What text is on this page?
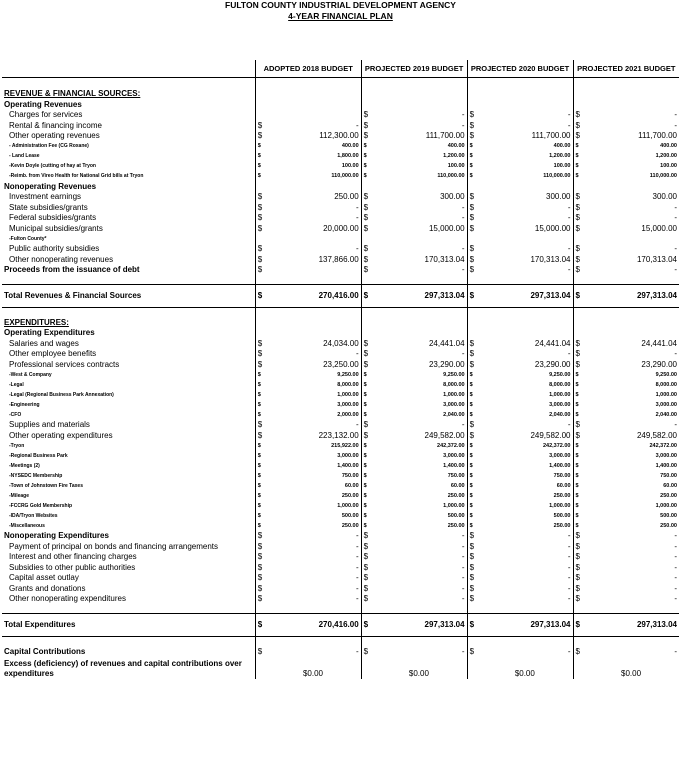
FULTON COUNTY INDUSTRIAL DEVELOPMENT AGENCY
4-YEAR FINANCIAL PLAN
	ADOPTED 2018 BUDGET		PROJECTED 2019 BUDGET		PROJECTED 2020 BUDGET		PROJECTED 2021 BUDGET	

REVENUE & FINANCIAL SOURCES:								
Operating Revenues								
Charges for services			$	-	$	-	$	-
Rental & financing income	$	-	$	-	$	-	$	-
Other operating revenues	$	112,300.00	$	111,700.00	$	111,700.00	$	111,700.00
- Administration Fee (CG Roxane)	$	400.00	$	400.00	$	400.00	$	400.00
- Land Lease	$	1,800.00	$	1,200.00	$	1,200.00	$	1,200.00
-Kevin Doyle (cutting of hay at Tryon	$	100.00	$	100.00	$	100.00	$	100.00
-Reimb. from Vireo Health for National Grid bills at Tryon	$	110,000.00	$	110,000.00	$	110,000.00	$	110,000.00
Nonoperating Revenues								
Investment earnings	$	250.00	$	300.00	$	300.00	$	300.00
State subsidies/grants	$	-	$	-	$	-	$	-
Federal subsidies/grants	$	-	$	-	$	-	$	-
Municipal subsidies/grants	$	20,000.00	$	15,000.00	$	15,000.00	$	15,000.00
-Fulton County*								
Public authority subsidies	$	-	$	-	$	-	$	-
Other nonoperating revenues	$	137,866.00	$	170,313.04	$	170,313.04	$	170,313.04
Proceeds from the issuance of debt	$		$	-	$	-	$	-

Total Revenues & Financial Sources	$	270,416.00	$	297,313.04	$	297,313.04	$	297,313.04

EXPENDITURES:								
Operating Expenditures								
Salaries and wages	$	24,034.00	$	24,441.04	$	24,441.04	$	24,441.04
Other employee benefits	$	-	$	-	$	-	$	-
Professional services contracts	$	23,250.00	$	23,290.00	$	23,290.00	$	23,290.00
-West & Company	$	9,250.00	$	9,250.00	$	9,250.00	$	9,250.00
-Legal	$	8,000.00	$	8,000.00	$	8,000.00	$	8,000.00
-Legal (Regional Business Park Annexation)	$	1,000.00	$	1,000.00	$	1,000.00	$	1,000.00
-Engineering	$	3,000.00	$	3,000.00	$	3,000.00	$	3,000.00
-CFO	$	2,000.00	$	2,040.00	$	2,040.00	$	2,040.00
Supplies and materials	$	-	$	-	$	-	$	-
Other operating expenditures	$	223,132.00	$	249,582.00	$	249,582.00	$	249,582.00
-Tryon	$	215,922.00	$	242,372.00	$	242,372.00	$	242,372.00
-Regional Business Park	$	3,000.00	$	3,000.00	$	3,000.00	$	3,000.00
-Meetings (2)	$	1,400.00	$	1,400.00	$	1,400.00	$	1,400.00
-NYSEDC Membership	$	750.00	$	750.00	$	750.00	$	750.00
-Town of Johnstown Fire Taxes	$	60.00	$	60.00	$	60.00	$	60.00
-Mileage	$	250.00	$	250.00	$	250.00	$	250.00
-FCCRG Gold Membership	$	1,000.00	$	1,000.00	$	1,000.00	$	1,000.00
-IDA/Tryon Websites	$	500.00	$	500.00	$	500.00	$	500.00
-Miscellaneous	$	250.00	$	250.00	$	250.00	$	250.00
Nonoperating Expenditures	$	-	$	-	$	-	$	-
Payment of principal on bonds and financing arrangements	$	-	$	-	$	-	$	-
Interest and other financing charges	$	-	$	-	$	-	$	-
Subsidies to other public authorities	$	-	$	-	$	-	$	-
Capital asset outlay	$	-	$	-	$	-	$	-
Grants and donations	$	-	$	-	$	-	$	-
Other nonoperating expenditures	$	-	$	-	$	-	$	-

Total Expenditures	$	270,416.00	$	297,313.04	$	297,313.04	$	297,313.04

Capital Contributions	$	-	$	-	$	-	$	-
Excess (deficiency) of revenues and capital contributions over expenditures		$0.00		$0.00		$0.00		$0.00
